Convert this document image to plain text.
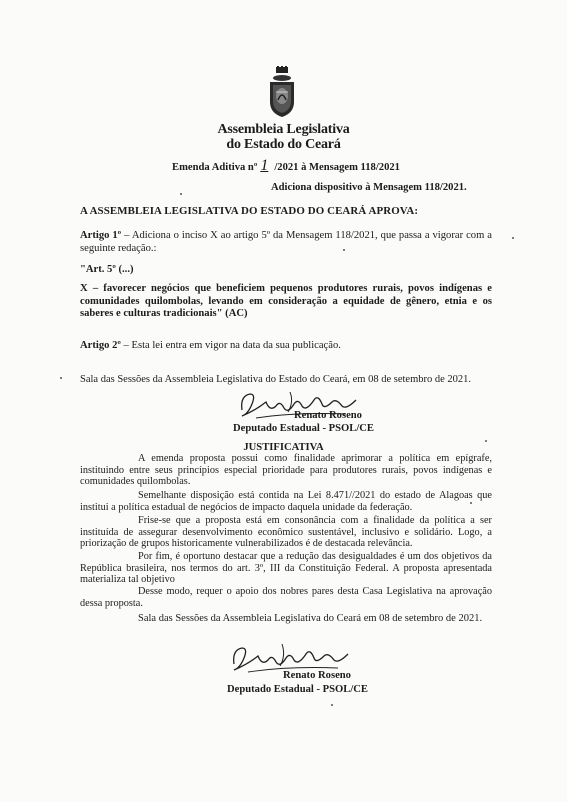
Assembleia Legislativa
do Estado do Ceará
Emenda Aditiva nº 1 /2021 à Mensagem 118/2021
Adiciona dispositivo à Mensagem 118/2021.
A ASSEMBLEIA LEGISLATIVA DO ESTADO DO CEARÁ APROVA:
Artigo 1º – Adiciona o inciso X ao artigo 5º da Mensagem 118/2021, que passa a vigorar com a seguinte redação.:
"Art. 5º (...)
X – favorecer negócios que beneficiem pequenos produtores rurais, povos indígenas e comunidades quilombolas, levando em consideração a equidade de gênero, etnia e os saberes e culturas tradicionais" (AC)
Artigo 2º – Esta lei entra em vigor na data da sua publicação.
Sala das Sessões da Assembleia Legislativa do Estado do Ceará, em 08 de setembro de 2021.
Renato Roseno
Deputado Estadual - PSOL/CE
JUSTIFICATIVA
A emenda proposta possui como finalidade aprimorar a política em epígrafe, instituindo entre seus princípios especial prioridade para produtores rurais, povos indígenas e comunidades quilombolas.
Semelhante disposição está contida na Lei 8.471//2021 do estado de Alagoas que institui a política estadual de negócios de impacto daquela unidade da federação.
Frise-se que a proposta está em consonância com a finalidade da política a ser instituída de assegurar desenvolvimento econômico sustentável, inclusivo e solidário. Logo, a priorização de grupos historicamente vulnerabilizados é de destacada relevância.
Por fim, é oportuno destacar que a redução das desigualdades é um dos objetivos da República brasileira, nos termos do art. 3º, III da Constituição Federal. A proposta apresentada materializa tal objetivo
Desse modo, requer o apoio dos nobres pares desta Casa Legislativa na aprovação dessa proposta.
Sala das Sessões da Assembleia Legislativa do Ceará em 08 de setembro de 2021.
Renato Roseno
Deputado Estadual - PSOL/CE
